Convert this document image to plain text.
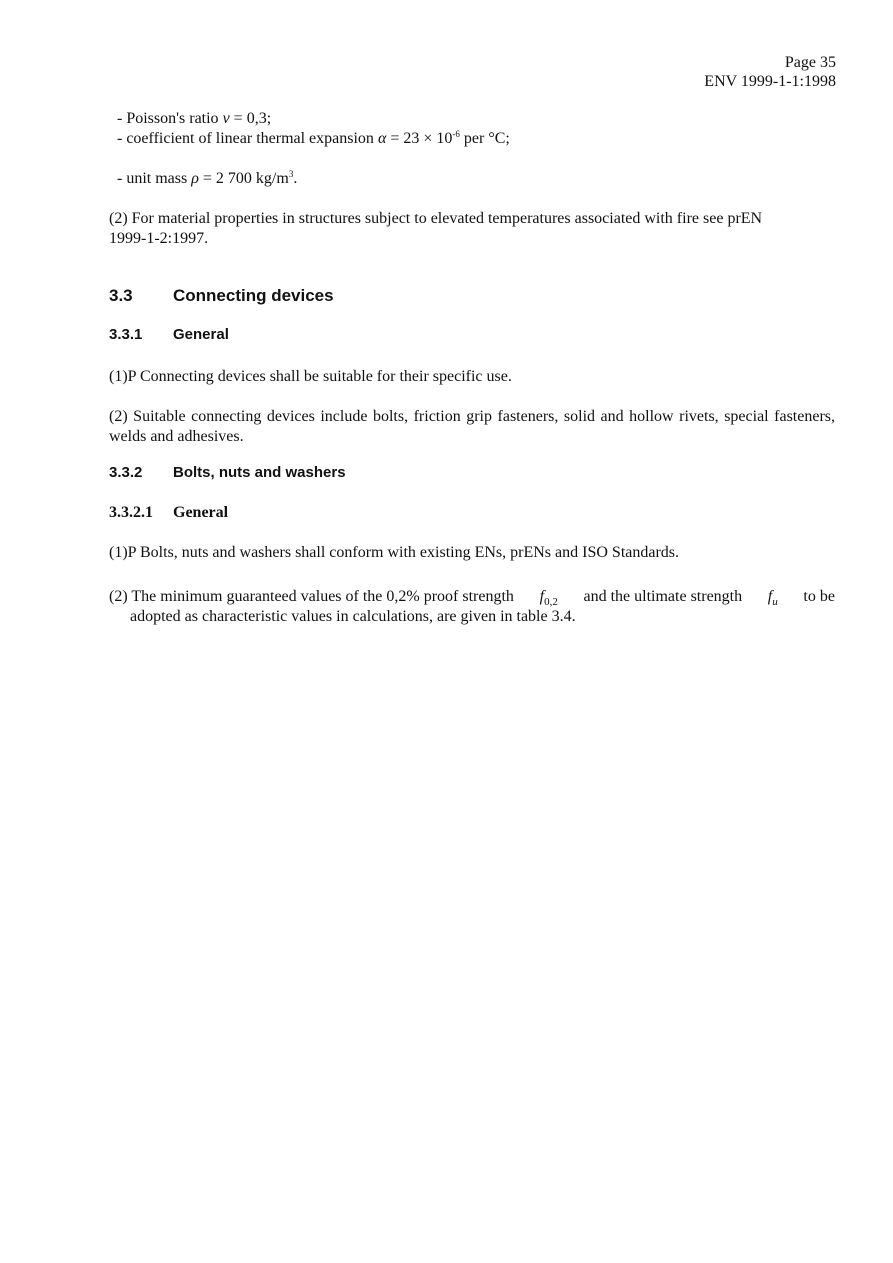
Page 35
ENV 1999-1-1:1998
- Poisson's ratio ν = 0,3;
- coefficient of linear thermal expansion $\alpha = 23 \times 10^{-6}$ per °C;
- unit mass ρ = 2 700 $kg/m^3$.
(2) For material properties in structures subject to elevated temperatures associated with fire see prEN 1999-1-2:1997.
3.3 Connecting devices
3.3.1 General
(1)P Connecting devices shall be suitable for their specific use.
(2) Suitable connecting devices include bolts, friction grip fasteners, solid and hollow rivets, special fasteners, welds and adhesives.
3.3.2 Bolts, nuts and washers
3.3.2.1 General
(1)P Bolts, nuts and washers shall conform with existing ENs, prENs and ISO Standards.
(2) The minimum guaranteed values of the 0,2% proof strength $f_{0,2}$ and the ultimate strength $f_u$ to be
adopted as characteristic values in calculations, are given in table 3.4.
